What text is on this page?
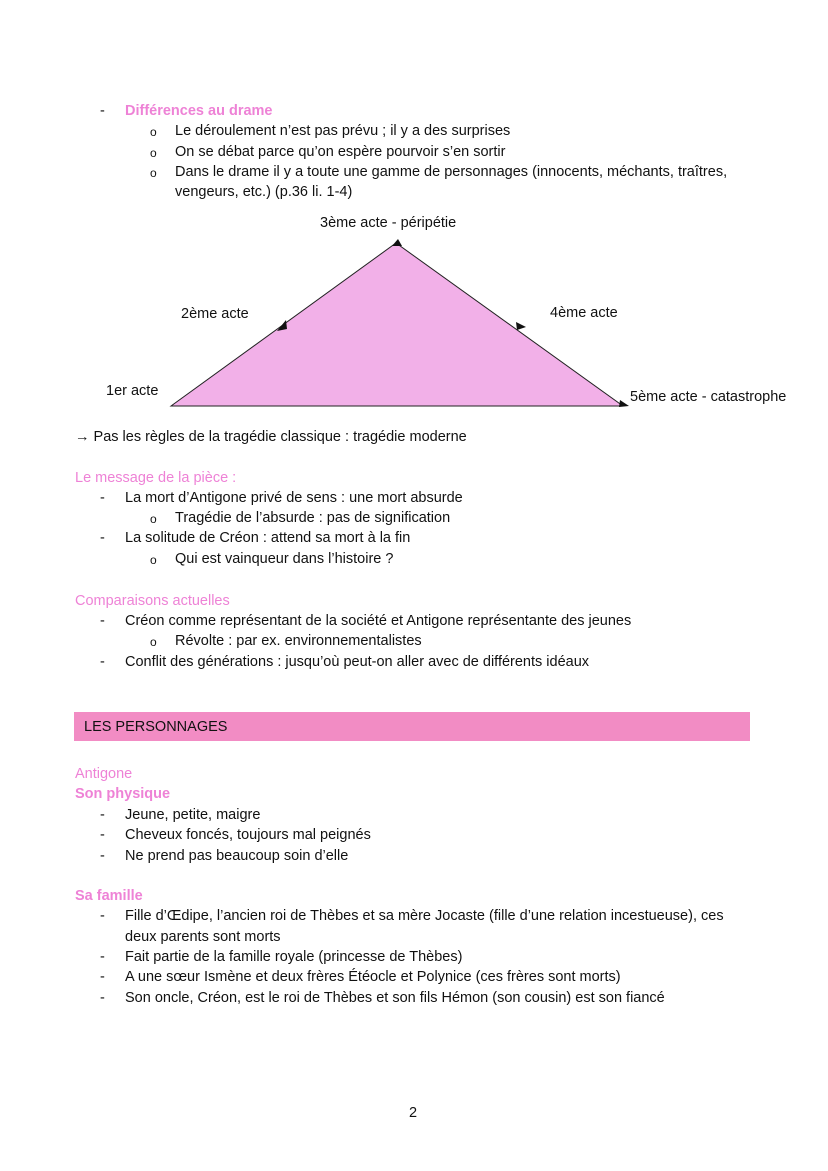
- Différences au drame
o Le déroulement n’est pas prévu ; il y a des surprises
o On se débat parce qu’on espère pourvoir s’en sortir
o Dans le drame il y a toute une gamme de personnages (innocents, méchants, traîtres,
vengeurs, etc.) (p.36 li. 1-4)
3ème acte - péripétie
2ème acte	4ème acte
1er acte	5ème acte - catastrophe
→ Pas les règles de la tragédie classique : tragédie moderne
Le message de la pièce :
- La mort d’Antigone privé de sens : une mort absurde
o Tragédie de l’absurde : pas de signification
- La solitude de Créon : attend sa mort à la fin
o Qui est vainqueur dans l’histoire ?
Comparaisons actuelles
- Créon comme représentant de la société et Antigone représentante des jeunes
o Révolte : par ex. environnementalistes
- Conflit des générations : jusqu’où peut-on aller avec de différents idéaux
LES PERSONNAGES
Antigone
Son physique
- Jeune, petite, maigre
- Cheveux foncés, toujours mal peignés
- Ne prend pas beaucoup soin d’elle
Sa famille
- Fille d’Œdipe, l’ancien roi de Thèbes et sa mère Jocaste (fille d’une relation incestueuse), ces
deux parents sont morts
- Fait partie de la famille royale (princesse de Thèbes)
- A une sœur Ismène et deux frères Étéocle et Polynice (ces frères sont morts)
- Son oncle, Créon, est le roi de Thèbes et son fils Hémon (son cousin) est son fiancé
2
